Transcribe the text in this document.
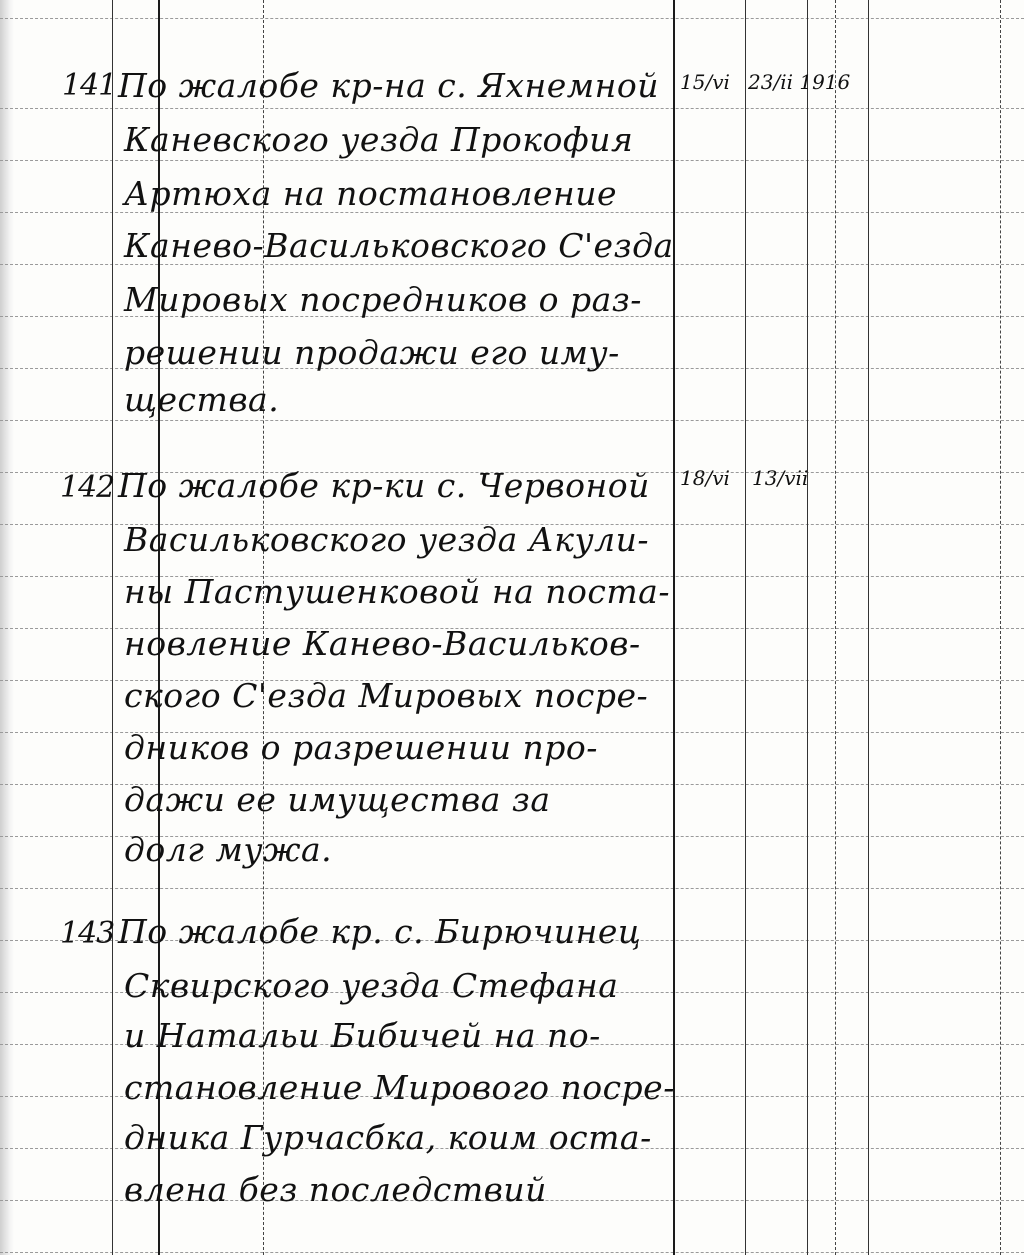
141 По жалобе кр-на с. Яхнемной
Каневского уезда Прокофия
Артюха на постановление
Канево-Васильковского С'езда
Мировых посредников о раз-
решении продажи его иму-
щества.
15/vi 23/ii 1916
142 По жалобе кр-ки с. Червоной
Васильковского уезда Акули-
ны Пастушенковой на поста-
новление Канево-Васильков-
ского С'езда Мировых посре-
дников о разрешении про-
дажи ее имущества за
долг мужа.
18/vi 13/vii
143 По жалобе кр. с. Бирючинец
Сквирского уезда Стефана
и Натальи Бибичей на по-
становление Мирового посре-
дника Гурчасбка, коим оста-
влена без последствий
